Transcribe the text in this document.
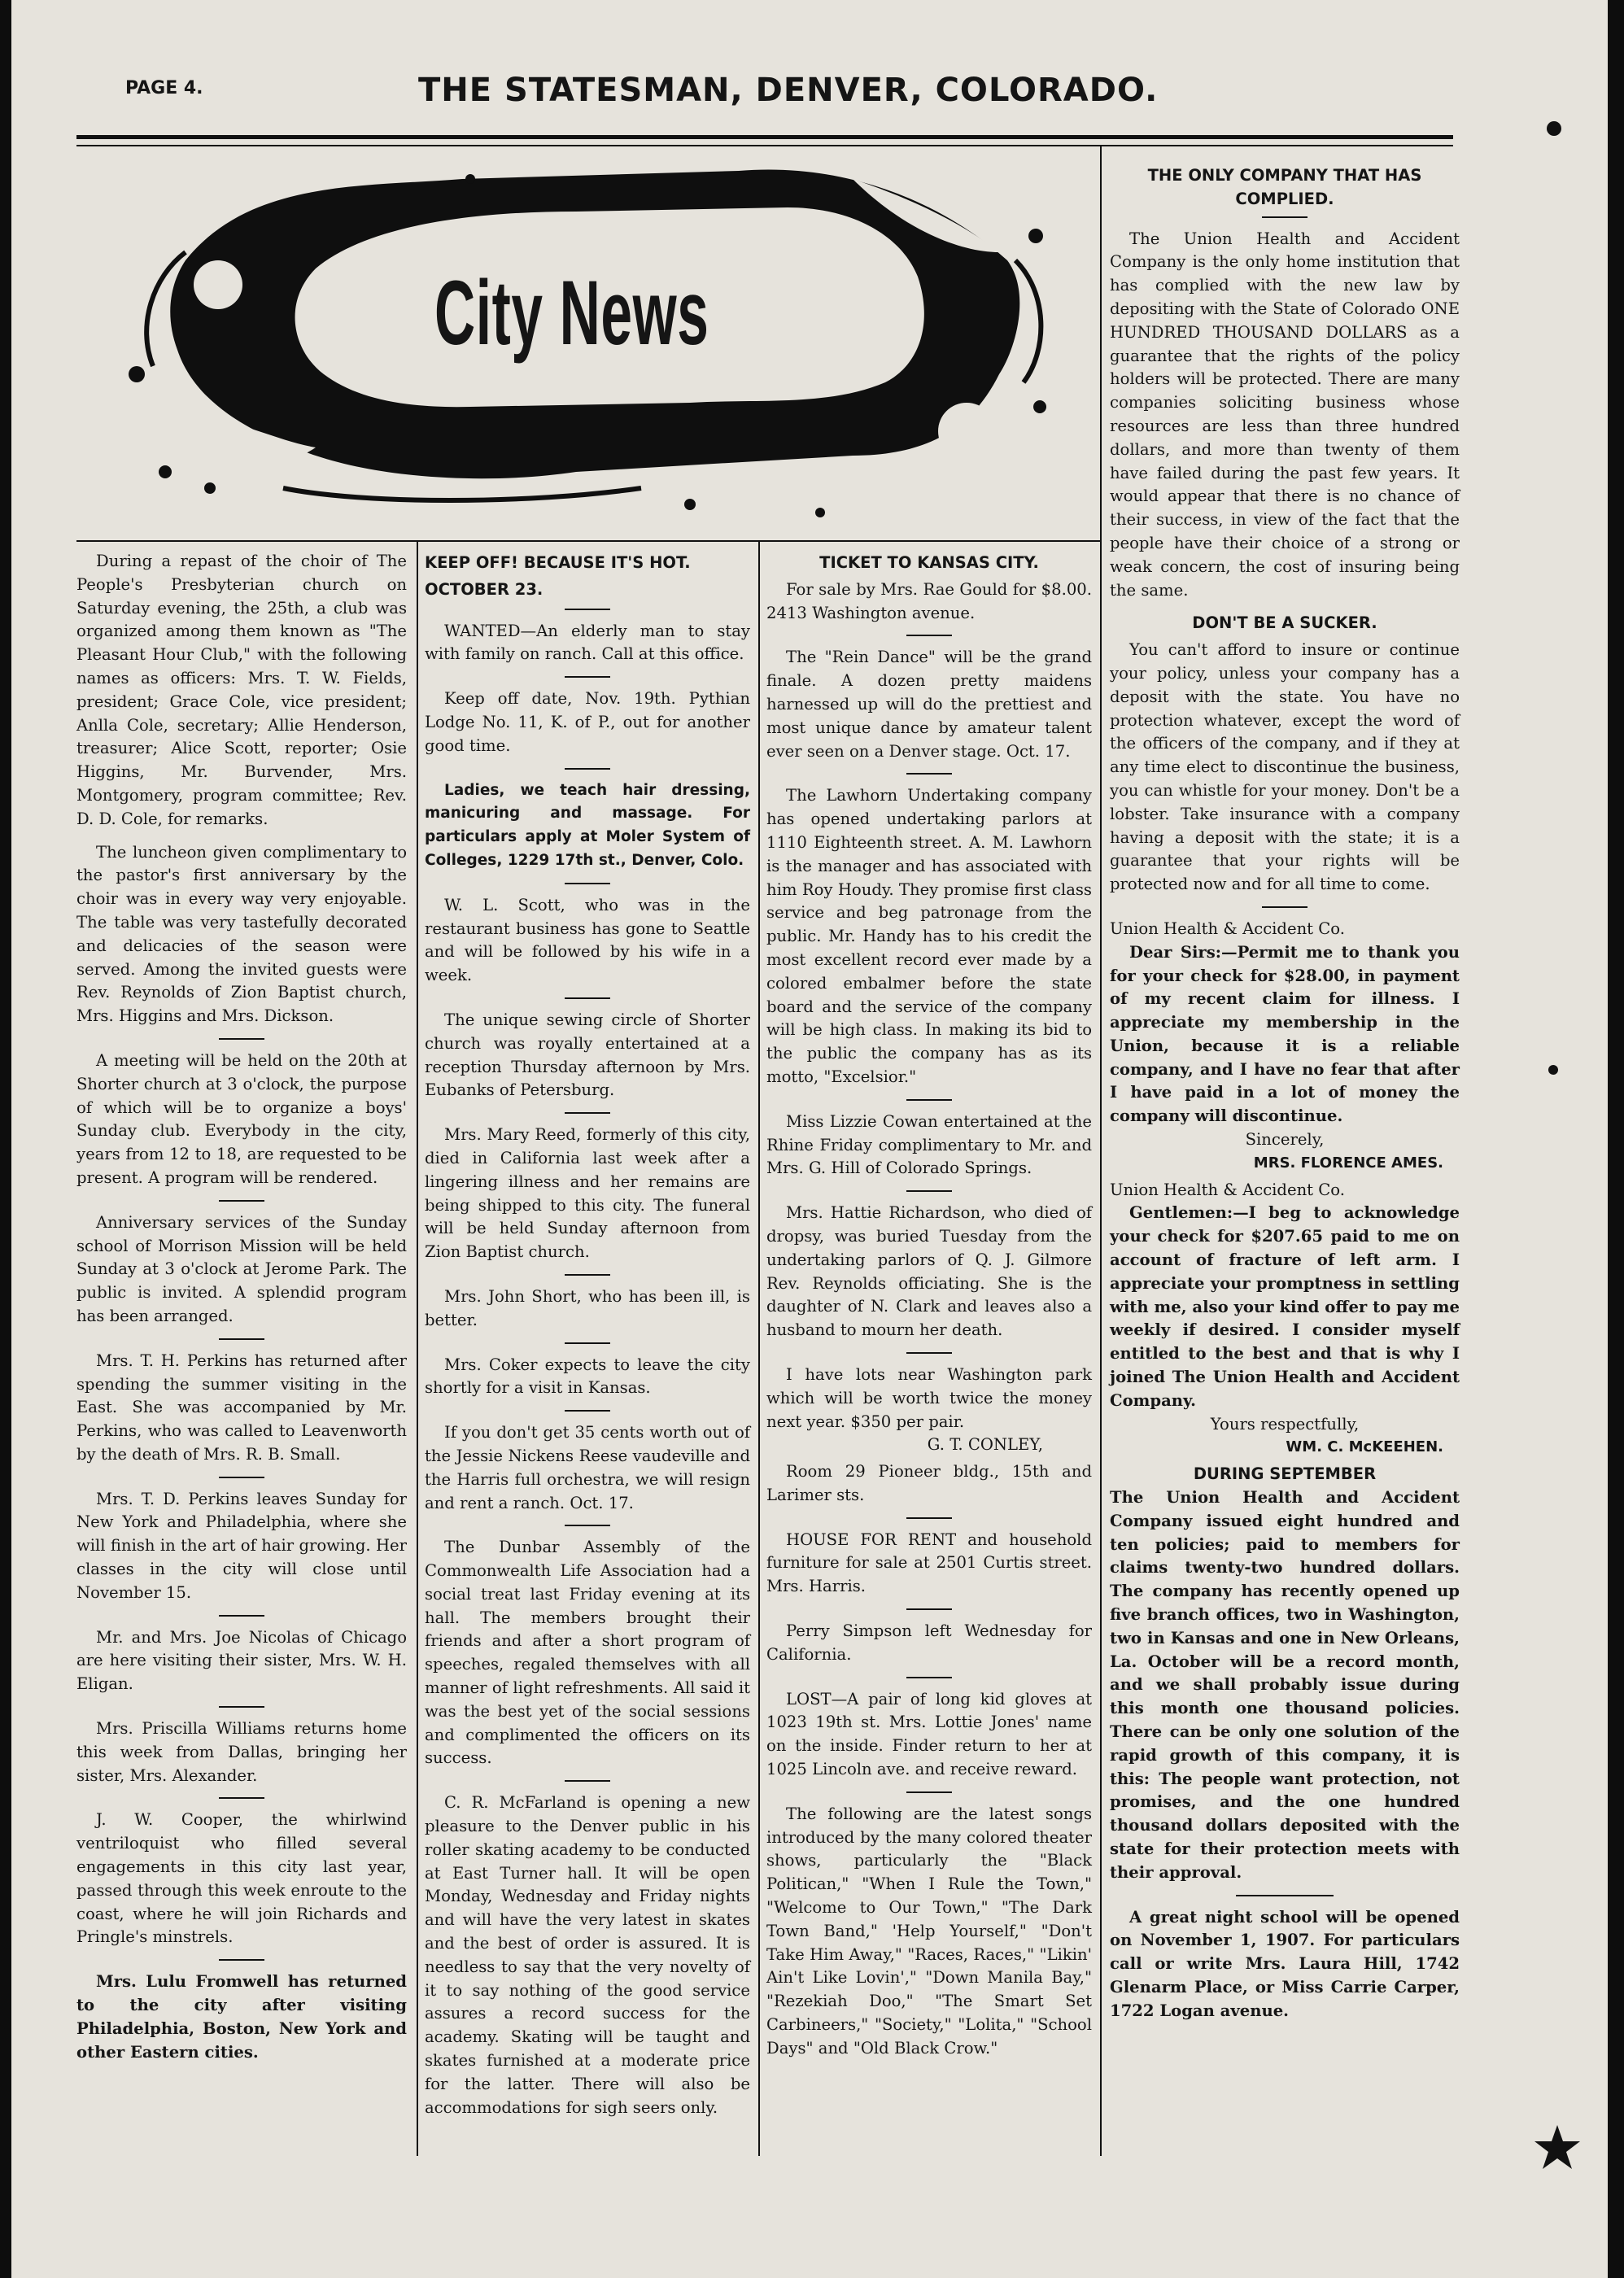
PAGE 4.	THE STATESMAN, DENVER, COLORADO.
City News

During a repast of the choir of The People's Presbyterian church on Saturday evening, the 25th, a club was organized among them known as "The Pleasant Hour Club," with the following names as officers: Mrs. T. W. Fields, president; Grace Cole, vice president; Anlla Cole, secretary; Allie Henderson, treasurer; Alice Scott, reporter; Osie Higgins, Mr. Burvender, Mrs. Montgomery, program committee; Rev. D. D. Cole, for remarks.

The luncheon given complimentary to the pastor's first anniversary by the choir was in every way very enjoyable. The table was very tastefully decorated and delicacies of the season were served. Among the invited guests were Rev. Reynolds of Zion Baptist church, Mrs. Higgins and Mrs. Dickson.

A meeting will be held on the 20th at Shorter church at 3 o'clock, the purpose of which will be to organize a boys' Sunday club. Everybody in the city, years from 12 to 18, are requested to be present. A program will be rendered.

Anniversary services of the Sunday school of Morrison Mission will be held Sunday at 3 o'clock at Jerome Park. The public is invited. A splendid program has been arranged.

Mrs. T. H. Perkins has returned after spending the summer visiting in the East. She was accompanied by Mr. Perkins, who was called to Leavenworth by the death of Mrs. R. B. Small.

Mrs. T. D. Perkins leaves Sunday for New York and Philadelphia, where she will finish in the art of hair growing. Her classes in the city will close until November 15.

Mr. and Mrs. Joe Nicolas of Chicago are here visiting their sister, Mrs. W. H. Eligan.

Mrs. Priscilla Williams returns home this week from Dallas, bringing her sister, Mrs. Alexander.

J. W. Cooper, the whirlwind ventriloquist who filled several engagements in this city last year, passed through this week enroute to the coast, where he will join Richards and Pringle's minstrels.

Mrs. Lulu Fromwell has returned to the city after visiting Philadelphia, Boston, New York and other Eastern cities.

KEEP OFF! BECAUSE IT'S HOT.
OCTOBER 23.

WANTED—An elderly man to stay with family on ranch. Call at this office.

Keep off date, Nov. 19th. Pythian Lodge No. 11, K. of P., out for another good time.

Ladies, we teach hair dressing, manicuring and massage. For particulars apply at Moler System of Colleges, 1229 17th st., Denver, Colo.

W. L. Scott, who was in the restaurant business has gone to Seattle and will be followed by his wife in a week.

The unique sewing circle of Shorter church was royally entertained at a reception Thursday afternoon by Mrs. Eubanks of Petersburg.

Mrs. Mary Reed, formerly of this city, died in California last week after a lingering illness and her remains are being shipped to this city. The funeral will be held Sunday afternoon from Zion Baptist church.

Mrs. John Short, who has been ill, is better.

Mrs. Coker expects to leave the city shortly for a visit in Kansas.

If you don't get 35 cents worth out of the Jessie Nickens Reese vaudeville and the Harris full orchestra, we will resign and rent a ranch. Oct. 17.

The Dunbar Assembly of the Commonwealth Life Association had a social treat last Friday evening at its hall. The members brought their friends and after a short program of speeches, regaled themselves with all manner of light refreshments. All said it was the best yet of the social sessions and complimented the officers on its success.

C. R. McFarland is opening a new pleasure to the Denver public in his roller skating academy to be conducted at East Turner hall. It will be open Monday, Wednesday and Friday nights and will have the very latest in skates and the best of order is assured. It is needless to say that the very novelty of it to say nothing of the good service assures a record success for the academy. Skating will be taught and skates furnished at a moderate price for the latter. There will also be accommodations for sigh seers only.

TICKET TO KANSAS CITY.

For sale by Mrs. Rae Gould for $8.00. 2413 Washington avenue.

The "Rein Dance" will be the grand finale. A dozen pretty maidens harnessed up will do the prettiest and most unique dance by amateur talent ever seen on a Denver stage. Oct. 17.

The Lawhorn Undertaking company has opened undertaking parlors at 1110 Eighteenth street. A. M. Lawhorn is the manager and has associated with him Roy Houdy. They promise first class service and beg patronage from the public. Mr. Handy has to his credit the most excellent record ever made by a colored embalmer before the state board and the service of the company will be high class. In making its bid to the public the company has as its motto, "Excelsior."

Miss Lizzie Cowan entertained at the Rhine Friday complimentary to Mr. and Mrs. G. Hill of Colorado Springs.

Mrs. Hattie Richardson, who died of dropsy, was buried Tuesday from the undertaking parlors of Q. J. Gilmore Rev. Reynolds officiating. She is the daughter of N. Clark and leaves also a husband to mourn her death.

I have lots near Washington park which will be worth twice the money next year. $350 per pair.

G. T. CONLEY,

Room 29 Pioneer bldg., 15th and Larimer sts.

HOUSE FOR RENT and household furniture for sale at 2501 Curtis street. Mrs. Harris.

Perry Simpson left Wednesday for California.

LOST—A pair of long kid gloves at 1023 19th st. Mrs. Lottie Jones' name on the inside. Finder return to her at 1025 Lincoln ave. and receive reward.

The following are the latest songs introduced by the many colored theater shows, particularly the "Black Politican," "When I Rule the Town," "Welcome to Our Town," "The Dark Town Band," 'Help Yourself," "Don't Take Him Away," "Races, Races," "Likin' Ain't Like Lovin'," "Down Manila Bay," "Rezekiah Doo," "The Smart Set Carbineers," "Society," "Lolita," "School Days" and "Old Black Crow."

THE ONLY COMPANY THAT HAS COMPLIED.

The Union Health and Accident Company is the only home institution that has complied with the new law by depositing with the State of Colorado ONE HUNDRED THOUSAND DOLLARS as a guarantee that the rights of the policy holders will be protected. There are many companies soliciting business whose resources are less than three hundred dollars, and more than twenty of them have failed during the past few years. It would appear that there is no chance of their success, in view of the fact that the people have their choice of a strong or weak concern, the cost of insuring being the same.

DON'T BE A SUCKER.

You can't afford to insure or continue your policy, unless your company has a deposit with the state. You have no protection whatever, except the word of the officers of the company, and if they at any time elect to discontinue the business, you can whistle for your money. Don't be a lobster. Take insurance with a company having a deposit with the state; it is a guarantee that your rights will be protected now and for all time to come.

Union Health & Accident Co.

Dear Sirs:—Permit me to thank you for your check for $28.00, in payment of my recent claim for illness. I appreciate my membership in the Union, because it is a reliable company, and I have no fear that after I have paid in a lot of money the company will discontinue.

Sincerely,

MRS. FLORENCE AMES.

Union Health & Accident Co.

Gentlemen:—I beg to acknowledge your check for $207.65 paid to me on account of fracture of left arm. I appreciate your promptness in settling with me, also your kind offer to pay me weekly if desired. I consider myself entitled to the best and that is why I joined The Union Health and Accident Company.

Yours respectfully,

WM. C. McKEEHEN.

DURING SEPTEMBER

The Union Health and Accident Company issued eight hundred and ten policies; paid to members for claims twenty-two hundred dollars. The company has recently opened up five branch offices, two in Washington, two in Kansas and one in New Orleans, La. October will be a record month, and we shall probably issue during this month one thousand policies. There can be only one solution of the rapid growth of this company, it is this: The people want protection, not promises, and the one hundred thousand dollars deposited with the state for their protection meets with their approval.

A great night school will be opened on November 1, 1907. For particulars call or write Mrs. Laura Hill, 1742 Glenarm Place, or Miss Carrie Carper, 1722 Logan avenue.
